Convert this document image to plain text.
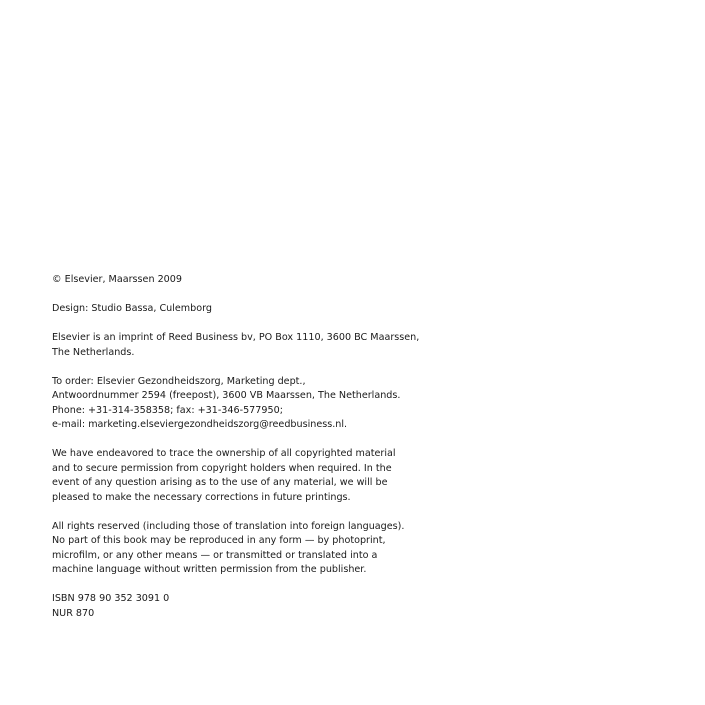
© Elsevier, Maarssen 2009
Design: Studio Bassa, Culemborg
Elsevier is an imprint of Reed Business bv, PO Box 1110, 3600 BC Maarssen,
The Netherlands.
To order: Elsevier Gezondheidszorg, Marketing dept.,
Antwoordnummer 2594 (freepost), 3600 VB Maarssen, The Netherlands.
Phone: +31-314-358358; fax: +31-346-577950;
e-mail: marketing.elseviergezondheidszorg@reedbusiness.nl.
We have endeavored to trace the ownership of all copyrighted material
and to secure permission from copyright holders when required. In the
event of any question arising as to the use of any material, we will be
pleased to make the necessary corrections in future printings.
All rights reserved (including those of translation into foreign languages).
No part of this book may be reproduced in any form — by photoprint,
microfilm, or any other means — or transmitted or translated into a
machine language without written permission from the publisher.
ISBN 978 90 352 3091 0
NUR 870
